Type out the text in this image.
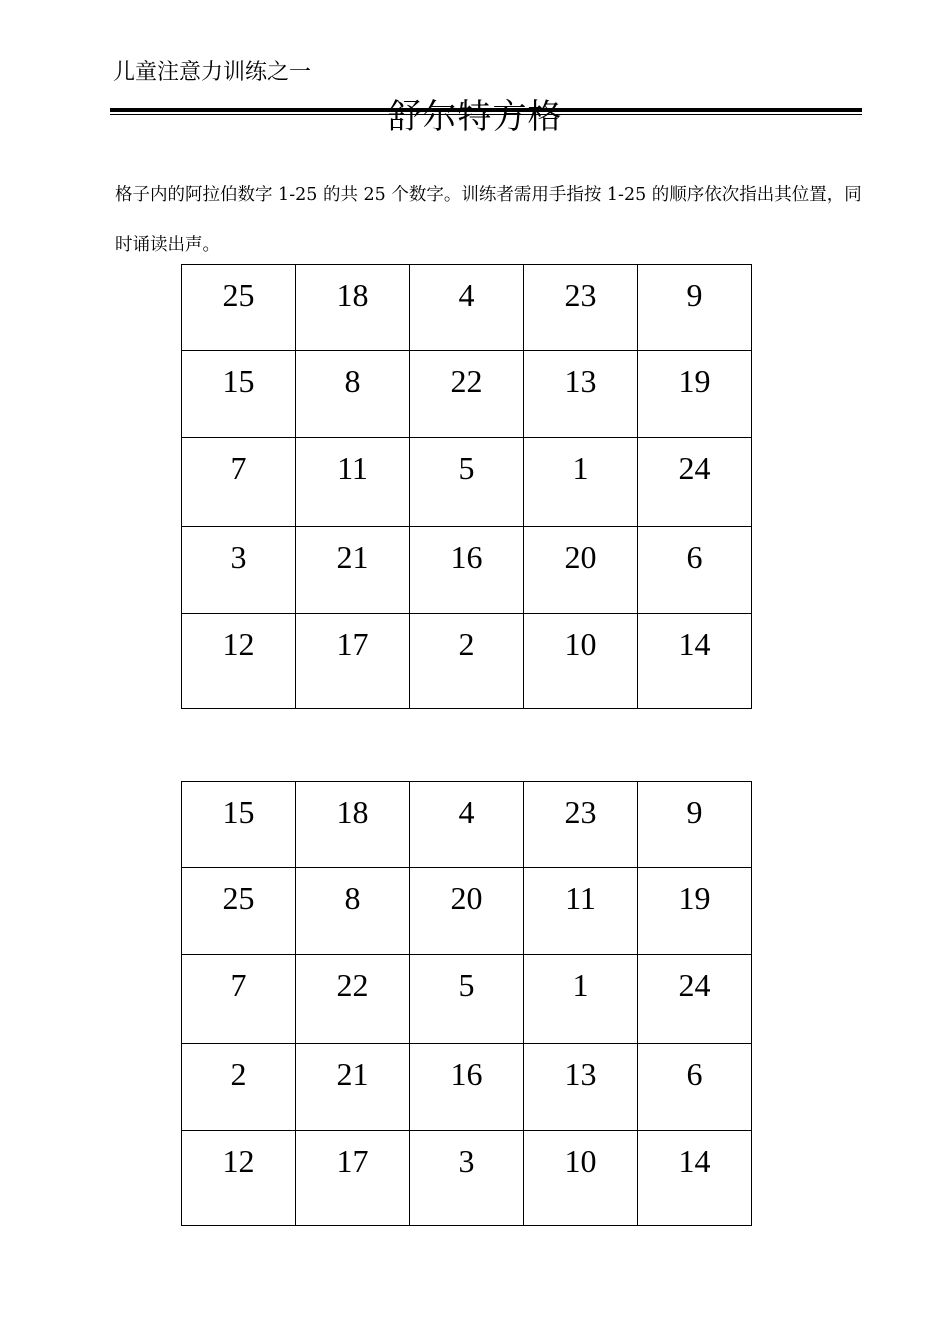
儿童注意力训练之一
舒尔特方格
格子内的阿拉伯数字 1-25 的共 25 个数字。训练者需用手指按 1-25 的顺序依次指出其位置，同时诵读出声。
25	18	4	23	9

15	8	22	13	19

7	11	5	1	24

3	21	16	20	6

12	17	2	10	14
15	18	4	23	9

25	8	20	11	19

7	22	5	1	24

2	21	16	13	6

12	17	3	10	14
